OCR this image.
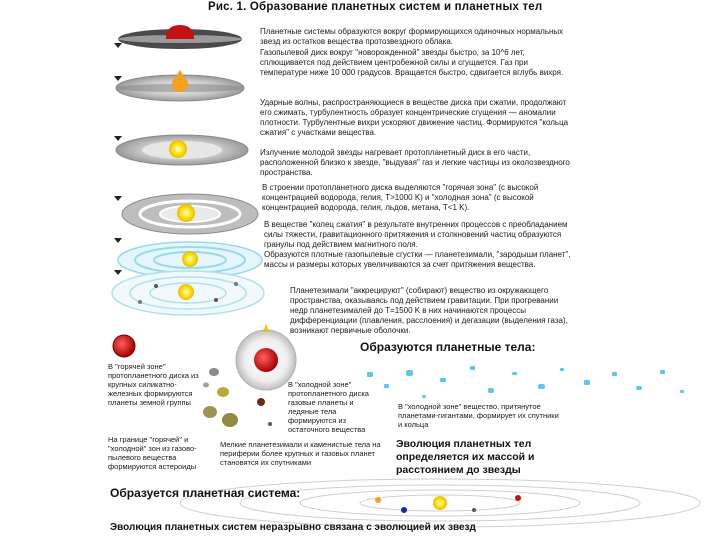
Рис. 1. Образование планетных систем и планетных тел
Планетные системы образуются вокруг формирующихся одиночных нормальных звезд из остатков вещества протозвездного облака.
Газопылевой диск вокруг "новорожденной" звезды быстро, за 10^6 лет, сплющивается под действием центробежной силы и сгущается. Газ при температуре ниже 10 000 градусов. Вращается быстро, сдвигается вглубь вихря.
Ударные волны, распространяющиеся в веществе диска при сжатии, продолжают его сжимать, турбулентность образует концентрические сгущения — аномалии плотности. Турбулентные вихри ускоряют движение частиц. Формируются "кольца сжатия" с участками вещества.
Излучение молодой звезды нагревает протопланетный диск в его части, расположенной близко к звезде, "выдувая" газ и легкие частицы из околозвездного пространства.
В строении протопланетного диска выделяются "горячая зона" (с высокой концентрацией водорода, гелия, T>1000 K) и "холодная зона" (с высокой концентрацией водорода, гелия, льдов, метана, T<1 K).
В веществе "колец сжатия" в результате внутренних процессов с преобладанием силы тяжести, гравитационного притяжения и столкновений частиц образуются гранулы под действием магнитного поля.
Образуются плотные газопылевые сгустки — планетезимали, "зародыши планет", массы и размеры которых увеличиваются за счет притяжения вещества.
Планетезимали "аккрецируют" (собирают) вещество из окружающего пространства, оказываясь под действием гравитации. При прогревании недр планетезималей до T=1500 K в них начинаются процессы дифференциации (плавления, расслоения) и дегазации (выделения газа), возникают первичные оболочки.
Образуются планетные тела:
В "горячей зоне" протопланетного диска из крупных силикатно-железных формируются планеты земной группы
В "холодной зоне" протопланетного диска газовые планеты и ледяные тела формируются из остаточного вещества
На границе "горячей" и "холодной" зон из газово-пылевого вещества формируются астероиды
В "холодной зоне" вещество, притянутое планетами-гигантами, формирует их спутники и кольца
Мелкие планетезимали и каменистые тела на периферии более крупных и газовых планет становятся их спутниками
Эволюция планетных тел определяется их массой и расстоянием до звезды
Образуется планетная система:
Эволюция планетных систем неразрывно связана с эволюцией их звезд
